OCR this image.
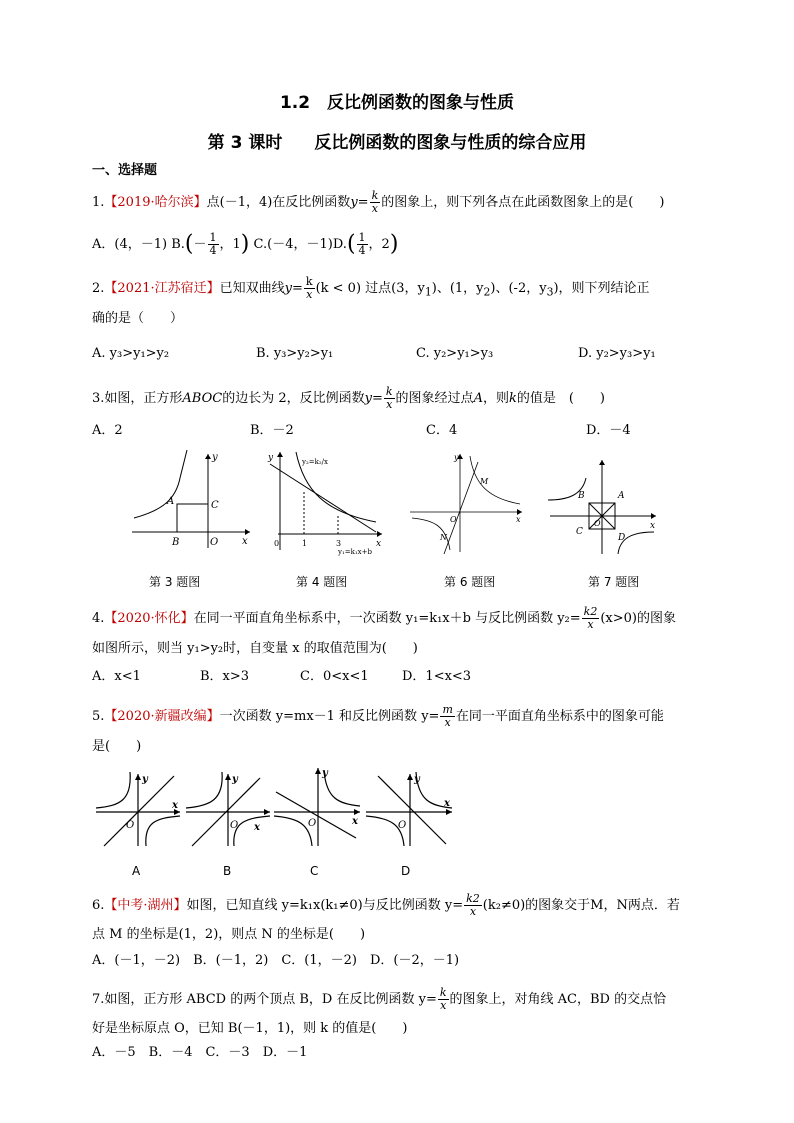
1.2　反比例函数的图象与性质
第 3 课时 反比例函数的图象与性质的综合应用
一、选择题
1.【2019·哈尔滨】点(－1，4)在反比例函数$y= \frac{k}{x}$ 的图象上，则下列各点在此函数图象上的是(　　)
A．(4，－1) $B.(- \frac{1}{4}$ ，1) C.(－4，$-1)D.( \frac{1}{4}$ ，2)
2.【2021·江苏宿迁】已知双曲线$y= \frac{k}{x} (k < 0)$ 过点(3，$y_1$)、(1，$y_2$)、(-2，$y_3$)，则下列结论正
确的是（　　）
A. y₃>y₁>y₂	B. y₃>y₂>y₁	C. y₂>y₁>y₃	D. y₂>y₃>y₁
3.如图，正方形ABOC的边长为 2，反比例函数$y= \frac{k}{x}$ 的图象经过点A，则k的值是　(　　)
A．2	B．－2	C．4	D．－4
y
x
A	C
B	O
y	y₂=k₂/x
x
0	1	3
y₁=k₁x+b
y
x
M
N
O
B	A
C
D
O	x
第 3 题图	第 4 题图	第 6 题图	第 7 题图
4.【2020·怀化】在同一平面直角坐标系中，一次函数 y₁=k₁x＋b 与反比例函数 $y_2= \frac{k2}{x} (x>0)$的图象
如图所示，则当 y₁>y₂时，自变量 x 的取值范围为(　　)
A．x<1	B．x>3	C．0<x<1	D．1<x<3
5.【2020·新疆改编】一次函数 y=mx－1 和反比例函数 $y= \frac{m}{x}$ 在同一平面直角坐标系中的图象可能
是(　　)
y
x
O
y
x
O
y
x
O
y
x
O
A	B	C	D
6.【中考·湖州】如图，已知直线 y=k₁x(k₁≠0)与反比例函数 $y= \frac{k2}{x} (k_2\ne 0)$的图象交于M，N两点．若
点 M 的坐标是(1，2)，则点 N 的坐标是(　　)
A．(－1，－2)　B．(－1，2)　C．(1，－2)　D．(－2，－1)
7.如图，正方形 ABCD 的两个顶点 B，D 在反比例函数 $y= \frac{k}{x}$ 的图象上，对角线 AC，BD 的交点恰
好是坐标原点 O，已知 B(－1，1)，则 k 的值是(　　)
A．－5　B．－4　C．－3　D．－1
